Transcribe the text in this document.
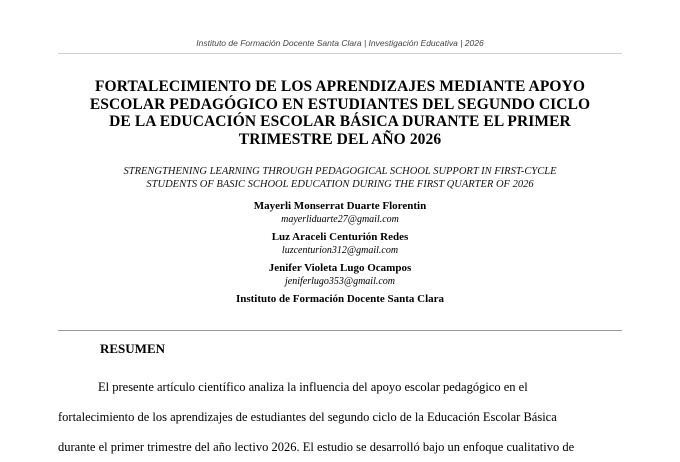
Instituto de Formación Docente Santa Clara | Investigación Educativa | 2026
FORTALECIMIENTO DE LOS APRENDIZAJES MEDIANTE APOYO
ESCOLAR PEDAGÓGICO EN ESTUDIANTES DEL SEGUNDO CICLO
DE LA EDUCACIÓN ESCOLAR BÁSICA DURANTE EL PRIMER
TRIMESTRE DEL AÑO 2026
STRENGTHENING LEARNING THROUGH PEDAGOGICAL SCHOOL SUPPORT IN FIRST-CYCLE
STUDENTS OF BASIC SCHOOL EDUCATION DURING THE FIRST QUARTER OF 2026
Mayerli Monserrat Duarte Florentin
mayerliduarte27@gmail.com
Luz Araceli Centurión Redes
luzcenturion312@gmail.com
Jenifer Violeta Lugo Ocampos
jeniferlugo353@gmail.com
Instituto de Formación Docente Santa Clara
RESUMEN
El presente artículo científico analiza la influencia del apoyo escolar pedagógico en el
fortalecimiento de los aprendizajes de estudiantes del segundo ciclo de la Educación Escolar Básica
durante el primer trimestre del año lectivo 2026. El estudio se desarrolló bajo un enfoque cualitativo de
